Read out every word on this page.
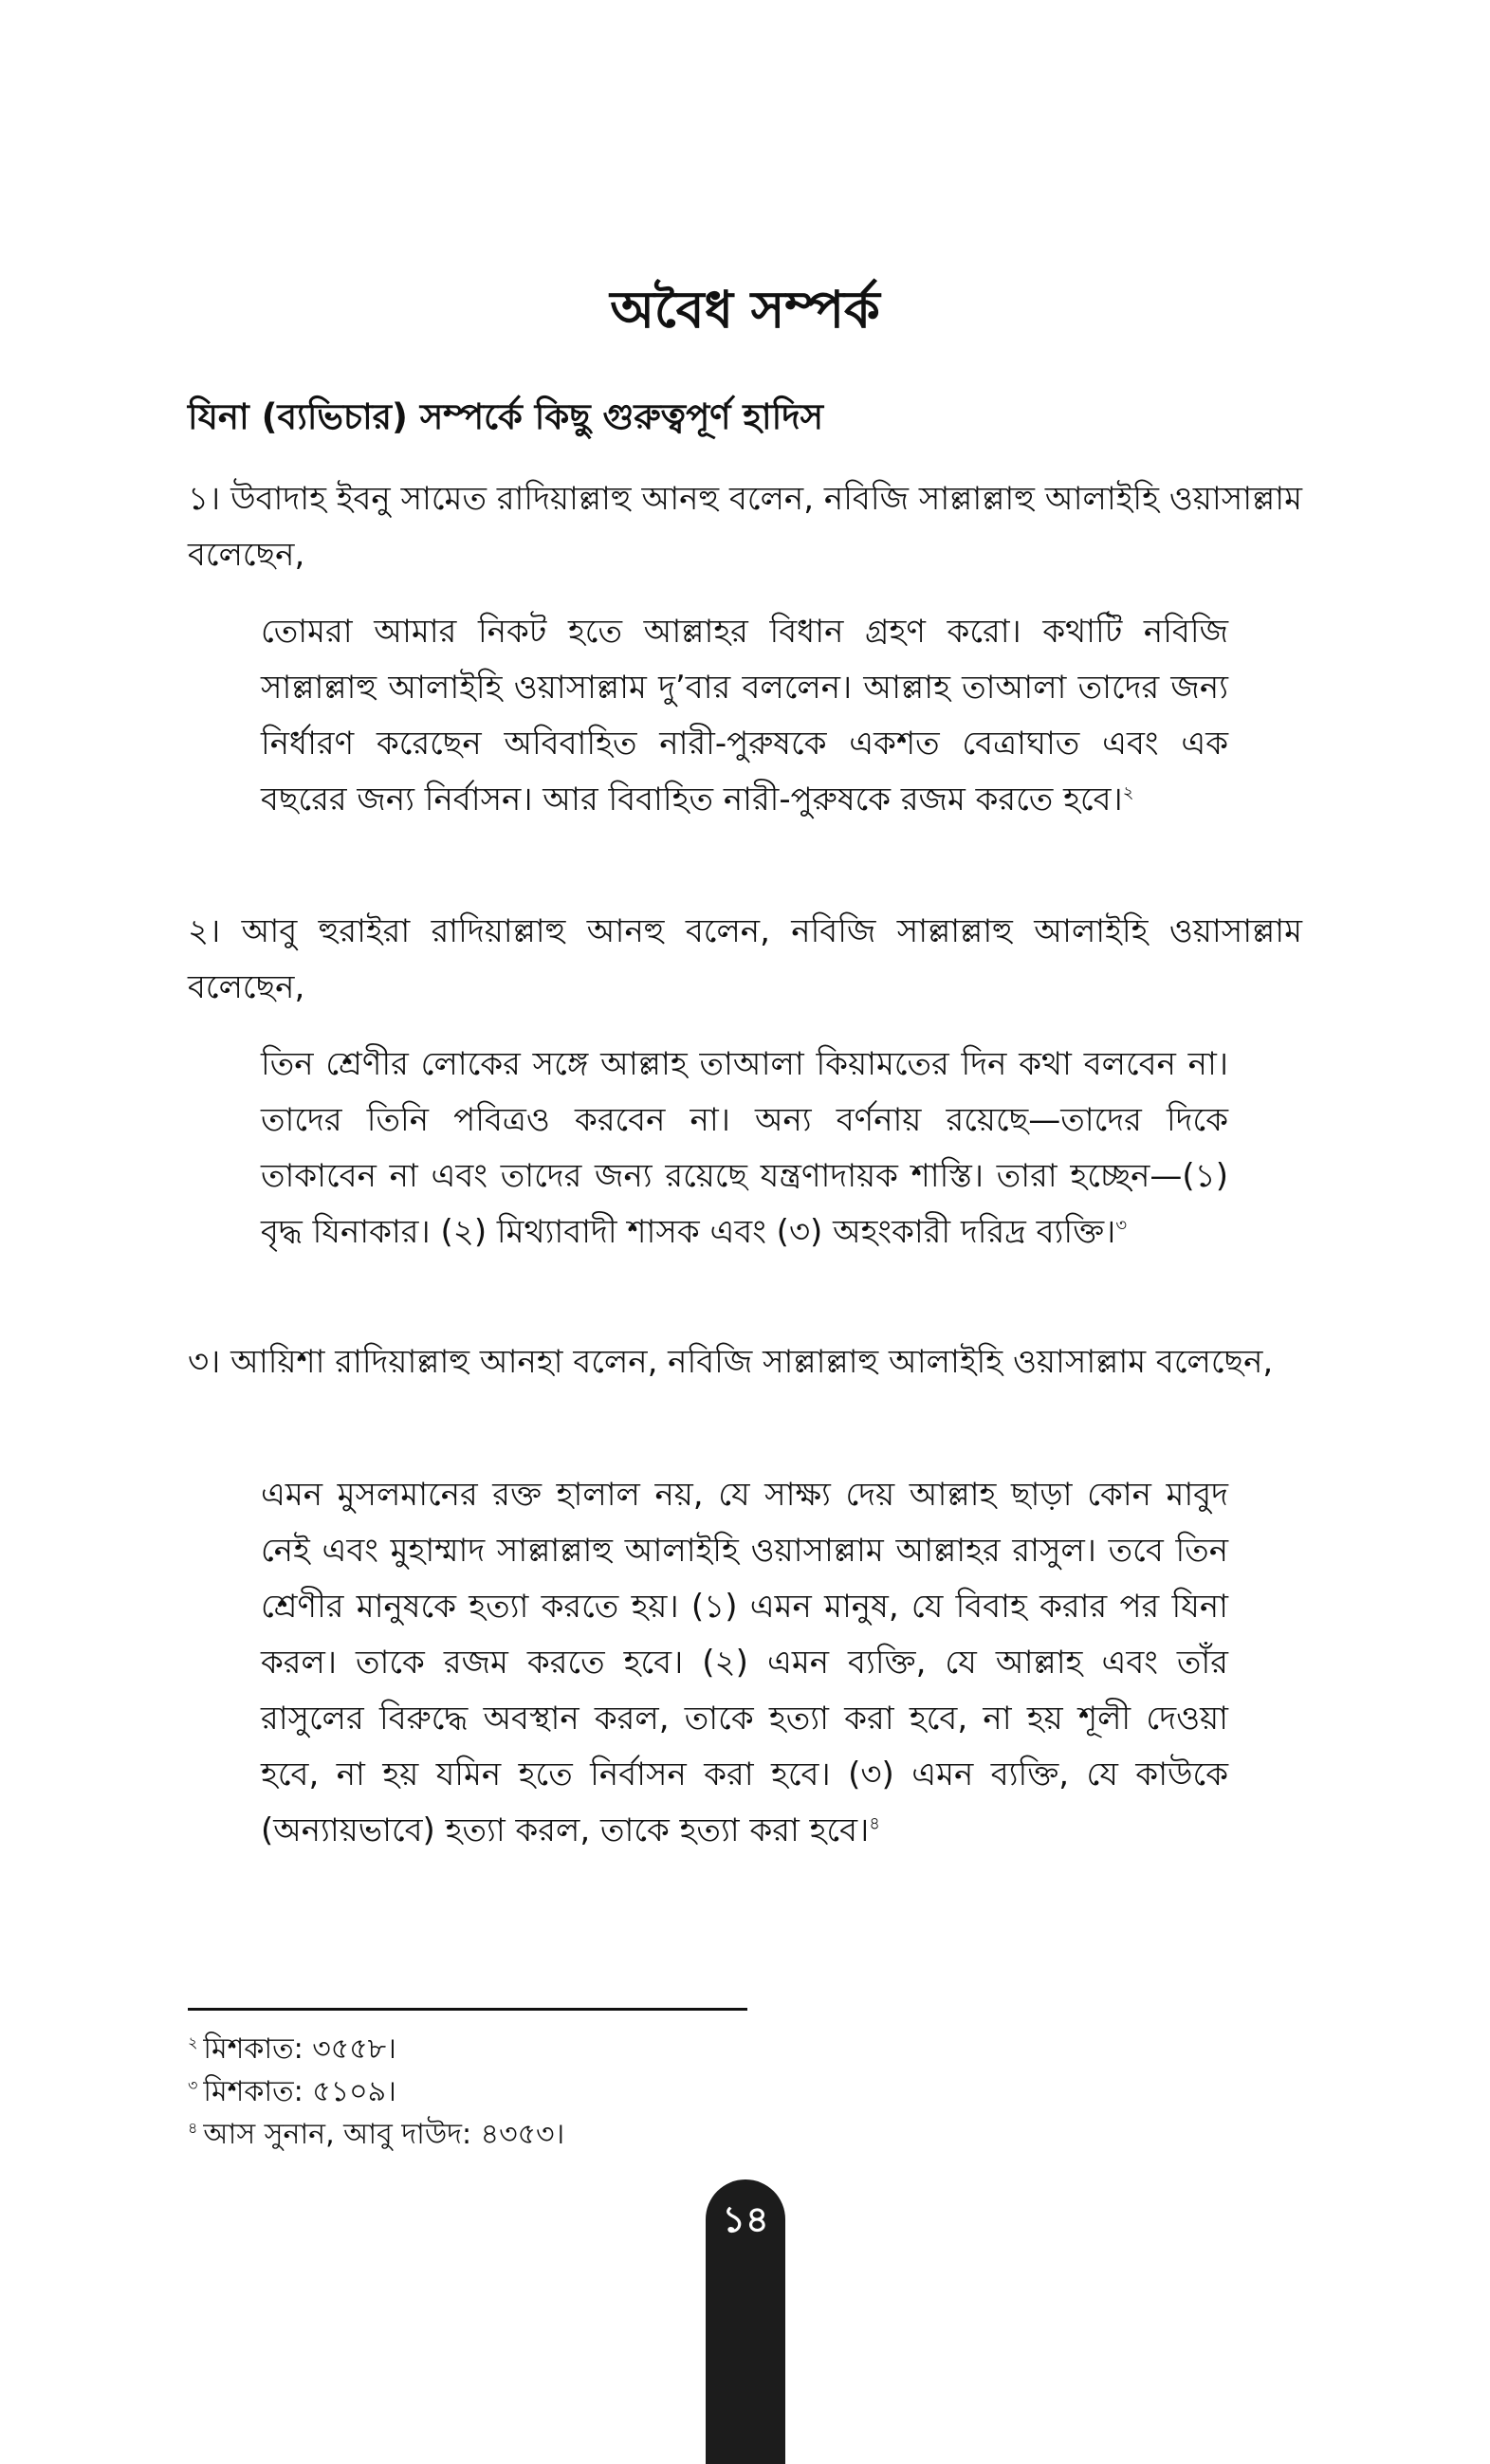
অবৈধ সম্পর্ক
যিনা (ব্যভিচার) সম্পর্কে কিছু গুরুত্বপূর্ণ হাদিস

১। উবাদাহ ইবনু সামেত রাদিয়াল্লাহু আনহু বলেন, নবিজি সাল্লাল্লাহু আলাইহি ওয়াসাল্লাম বলেছেন,

তোমরা আমার নিকট হতে আল্লাহর বিধান গ্রহণ করো। কথাটি নবিজি সাল্লাল্লাহু আলাইহি ওয়াসাল্লাম দু’বার বললেন। আল্লাহ তাআলা তাদের জন্য নির্ধারণ করেছেন অবিবাহিত নারী-পুরুষকে একশত বেত্রাঘাত এবং এক বছরের জন্য নির্বাসন। আর বিবাহিত নারী-পুরুষকে রজম করতে হবে।$^২$

২। আবু হুরাইরা রাদিয়াল্লাহু আনহু বলেন, নবিজি সাল্লাল্লাহু আলাইহি ওয়াসাল্লাম বলেছেন,

তিন শ্রেণীর লোকের সঙ্গে আল্লাহ তাআলা কিয়ামতের দিন কথা বলবেন না। তাদের তিনি পবিত্রও করবেন না। অন্য বর্ণনায় রয়েছে—তাদের দিকে তাকাবেন না এবং তাদের জন্য রয়েছে যন্ত্রণাদায়ক শাস্তি। তারা হচ্ছেন—(১) বৃদ্ধ যিনাকার। (২) মিথ্যাবাদী শাসক এবং (৩) অহংকারী দরিদ্র ব্যক্তি।$^৩$

৩। আয়িশা রাদিয়াল্লাহু আনহা বলেন, নবিজি সাল্লাল্লাহু আলাইহি ওয়াসাল্লাম বলেছেন,

এমন মুসলমানের রক্ত হালাল নয়, যে সাক্ষ্য দেয় আল্লাহ ছাড়া কোন মাবুদ নেই এবং মুহাম্মাদ সাল্লাল্লাহু আলাইহি ওয়াসাল্লাম আল্লাহর রাসুল। তবে তিন শ্রেণীর মানুষকে হত্যা করতে হয়। (১) এমন মানুষ, যে বিবাহ করার পর যিনা করল। তাকে রজম করতে হবে। (২) এমন ব্যক্তি, যে আল্লাহ এবং তাঁর রাসুলের বিরুদ্ধে অবস্থান করল, তাকে হত্যা করা হবে, না হয় শূলী দেওয়া হবে, না হয় যমিন হতে নির্বাসন করা হবে। (৩) এমন ব্যক্তি, যে কাউকে (অন্যায়ভাবে) হত্যা করল, তাকে হত্যা করা হবে।$^৪$

$^২$ মিশকাত: ৩৫৫৮।
$^৩$ মিশকাত: ৫১০৯।
$^৪$ আস সুনান, আবু দাউদ: ৪৩৫৩।
১৪
